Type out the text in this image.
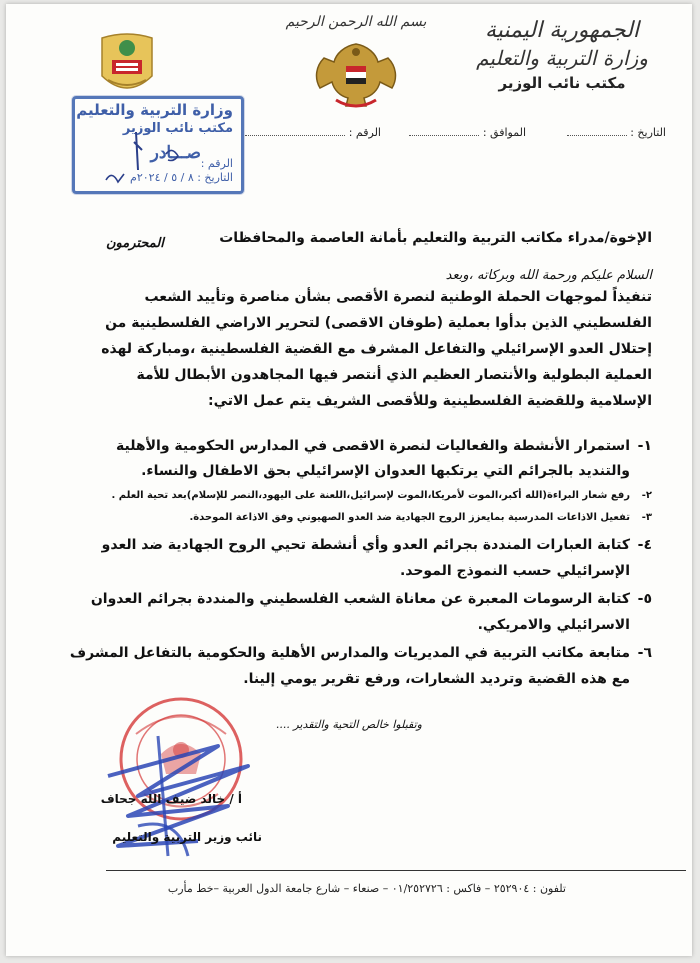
الجمهورية اليمنية
وزارة التربية والتعليم
مكتب نائب الوزير
بسم الله الرحمن الرحيم
التاريخ :
الموافق :
الرقم :
وزارة التربية والتعليم
مكتب نائب الوزير
صـــادر
الرقم :
التاريخ : ٨ / ٥ / ٢٠٢٤م
الإخوة/مدراء مكاتب التربية والتعليم بأمانة العاصمة والمحافظات
المحترمون
السلام عليكم ورحمة الله وبركاته ،وبعد
تنفيذاً لموجهات الحملة الوطنية لنصرة الأقصى بشأن مناصرة وتأييد الشعب
الفلسطيني الذين بدأوا بعملية (طوفان الاقصى) لتحرير الاراضي الفلسطينية من
إحتلال العدو الإسرائيلي والتفاعل المشرف مع القضية الفلسطينية ،ومباركة لهذه
العملية البطولية والأنتصار العظيم الذي أنتصر فيها المجاهدون الأبطال للأمة
الإسلامية وللقضية الفلسطينية وللأقصى الشريف يتم عمل الاتي:
١-
استمرار الأنشطة والفعاليات لنصرة الاقصى في المدارس الحكومية والأهلية
والتنديد بالجرائم التي يرتكبها العدوان الإسرائيلي بحق الاطفال والنساء.
٢-
رفع شعار البراءة(الله أكبر،الموت لأمريكا،الموت لإسرائيل،اللعنة على اليهود،النصر للإسلام)بعد تحية العلم .
٣-
تفعيل الاذاعات المدرسية بمايعزز الروح الجهادية ضد العدو الصهيوني وفق الاذاعة الموحدة.
٤-
كتابة العبارات المنددة بجرائم العدو وأي أنشطة تحيي الروح الجهادية ضد العدو
الإسرائيلي حسب النموذج الموحد.
٥-
كتابة الرسومات المعبرة عن معاناة الشعب الفلسطيني والمنددة بجرائم العدوان
الاسرائيلي والامريكي.
٦-
متابعة مكاتب التربية في المديريات والمدارس الأهلية والحكومية بالتفاعل المشرف
مع هذه القضية وترديد الشعارات، ورفع تقرير يومي إلينا.
وتقبلوا خالص التحية والتقدير ....
أ / خالد ضيف الله جحاف
نائب وزير التربية والتعليم
تلفون : ٢٥٢٩٠٤ – فاكس : ٠١/٢٥٢٧٢٦ – صنعاء – شارع جامعة الدول العربية –خط مأرب
